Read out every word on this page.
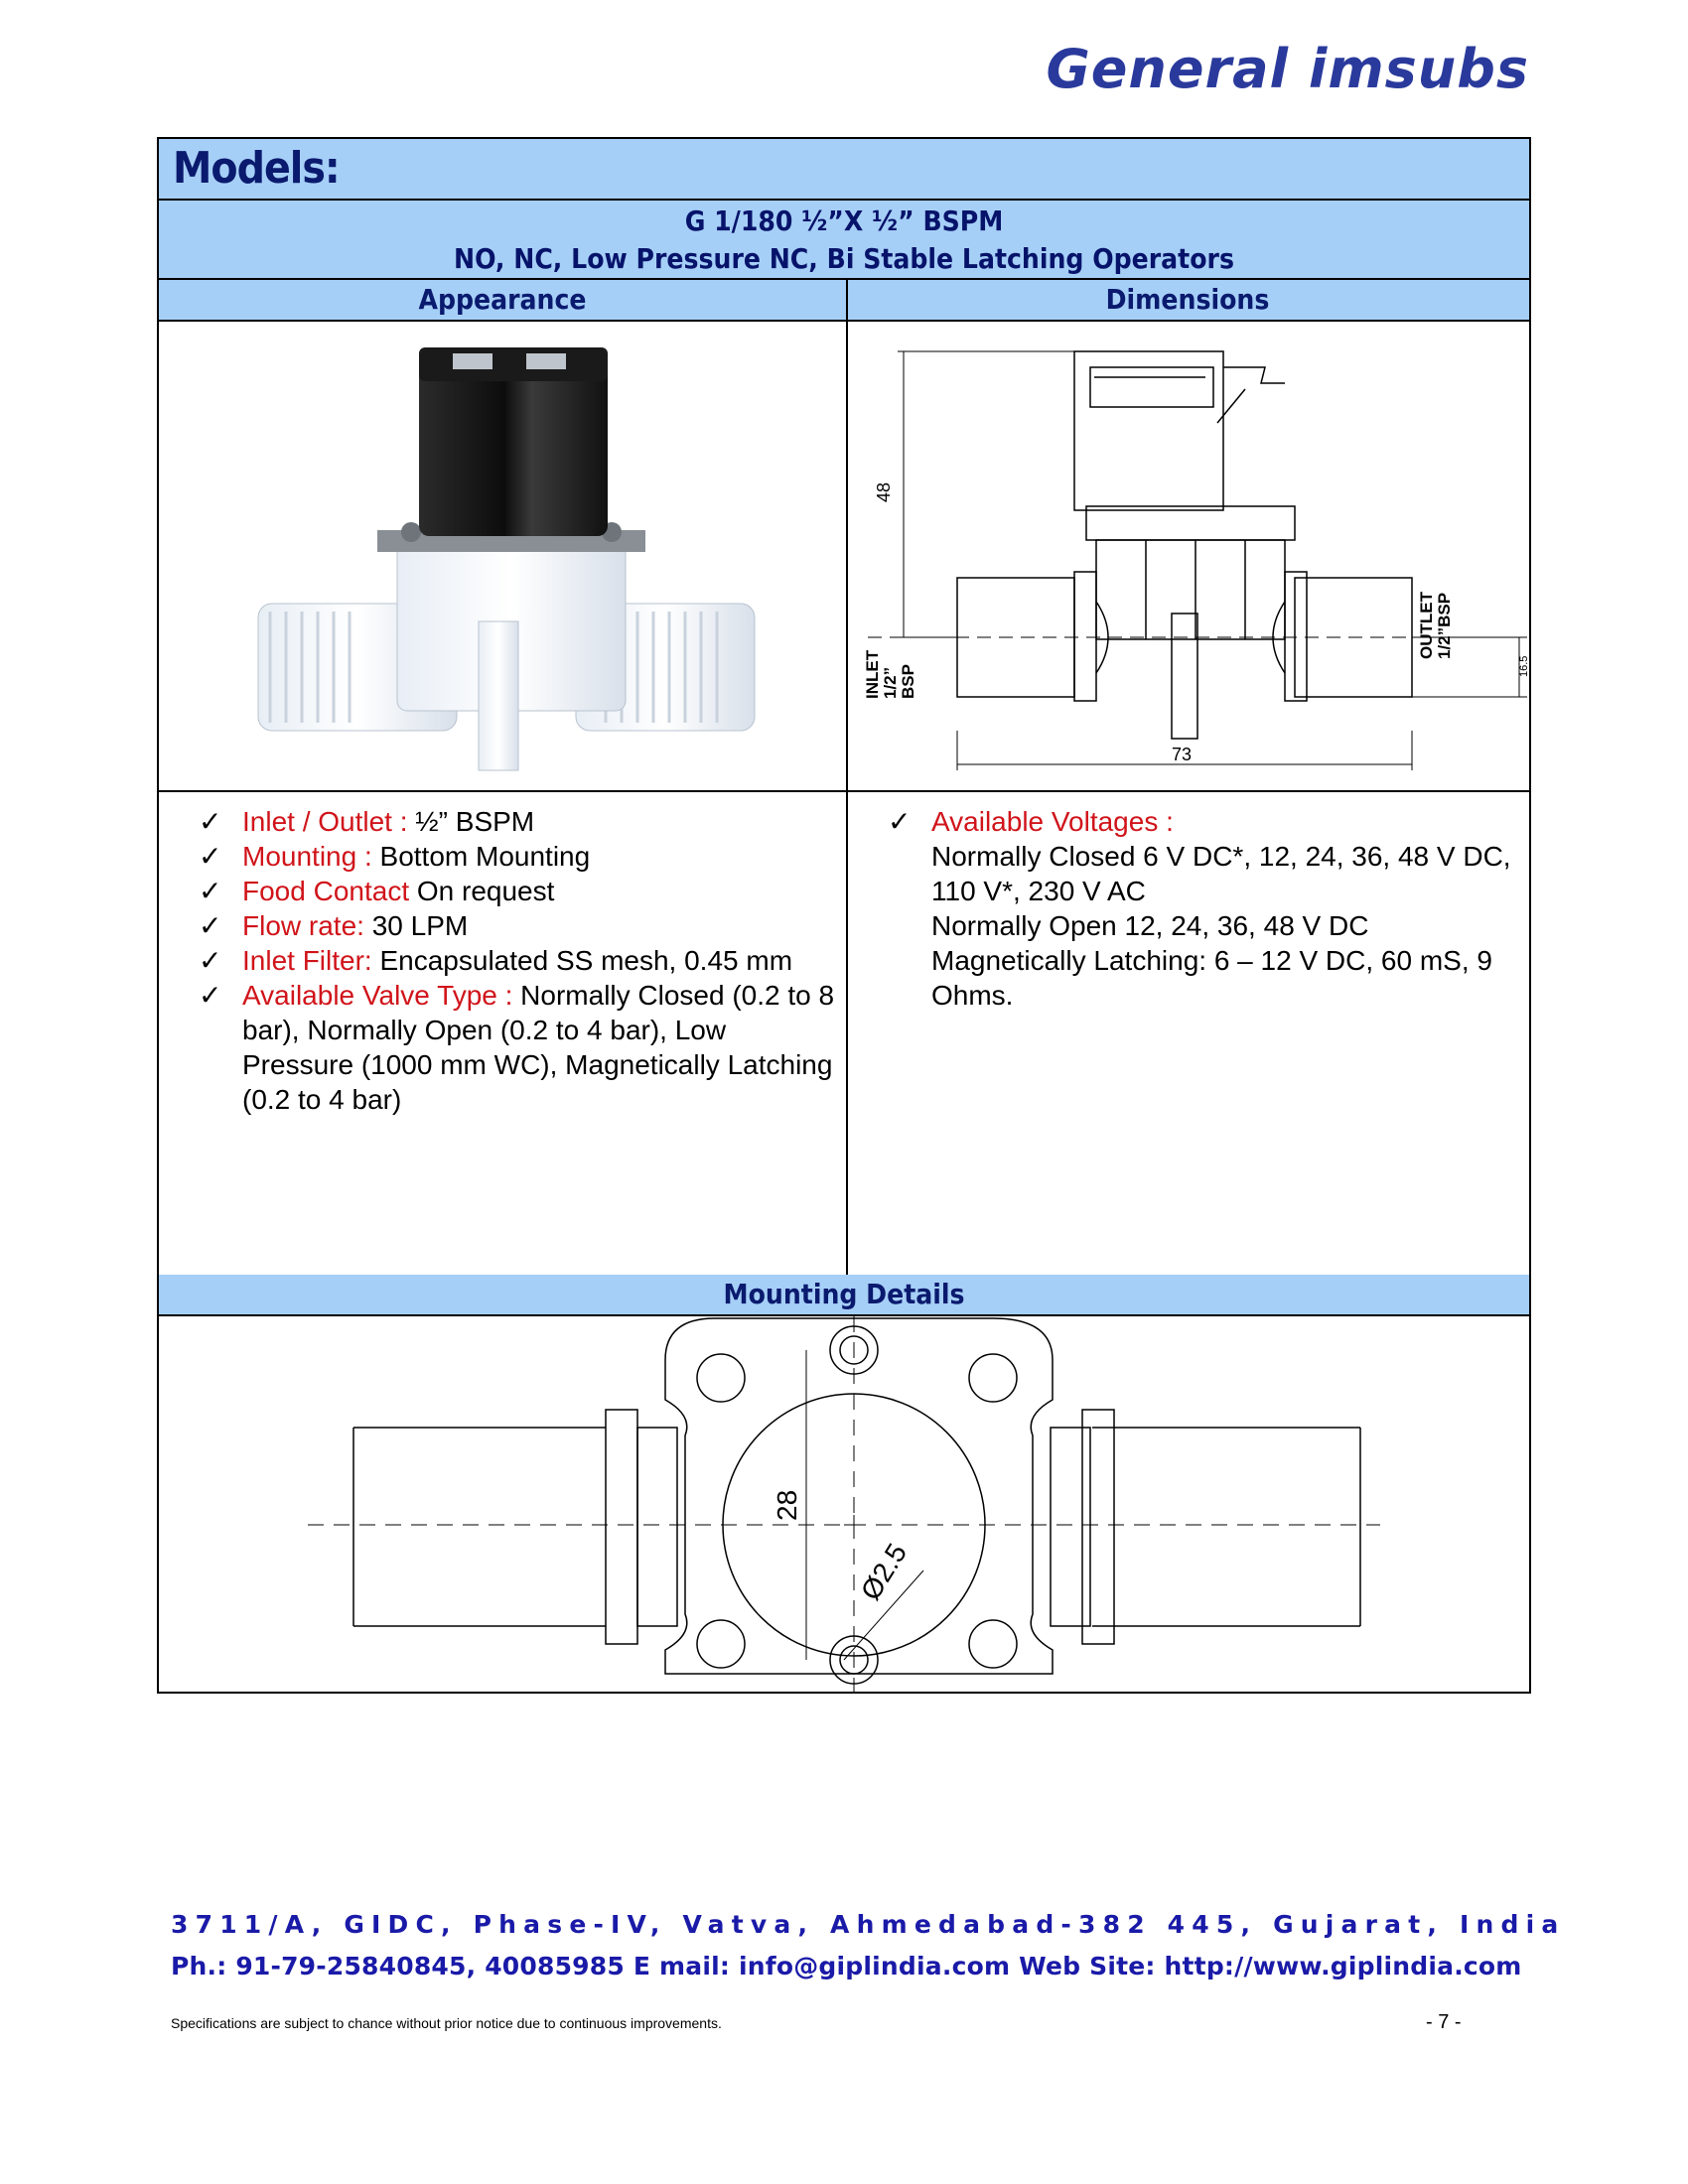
General imsubs
Models:
G 1/180 ½”X ½” BSPM
NO, NC, Low Pressure NC, Bi Stable Latching Operators
Appearance	Dimensions
48
73
16.5
INLET 1/2” BSP
OUTLET 1/2”BSP
✓ Inlet / Outlet : ½” BSPM
✓ Mounting : Bottom Mounting
✓ Food Contact On request
✓ Flow rate: 30 LPM
✓ Inlet Filter: Encapsulated SS mesh, 0.45 mm
✓ Available Valve Type : Normally Closed (0.2 to 8 bar), Normally Open (0.2 to 4 bar), Low Pressure (1000 mm WC), Magnetically Latching (0.2 to 4 bar)
✓ Available Voltages :
Normally Closed 6 V DC*, 12, 24, 36, 48 V DC, 110 V*, 230 V AC
Normally Open 12, 24, 36, 48 V DC
Magnetically Latching: 6 – 12 V DC, 60 mS, 9 Ohms.
Mounting Details
28
Ø2.5
3711/A, GIDC, Phase-IV, Vatva, Ahmedabad-382 445, Gujarat, India
Ph.: 91-79-25840845, 40085985 E mail: info@giplindia.com Web Site: http://www.giplindia.com
Specifications are subject to chance without prior notice due to continuous improvements.	- 7 -
